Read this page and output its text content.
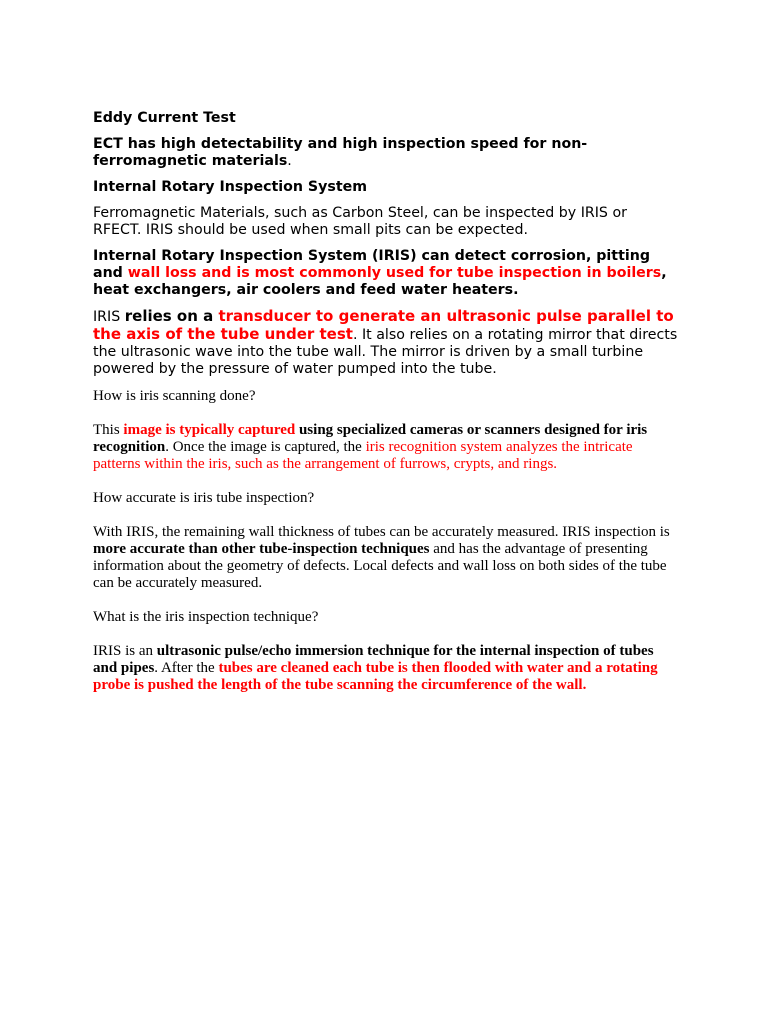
Eddy Current Test

ECT has high detectability and high inspection speed for non-ferromagnetic materials.

Internal Rotary Inspection System

Ferromagnetic Materials, such as Carbon Steel, can be inspected by IRIS or RFECT. IRIS should be used when small pits can be expected.

Internal Rotary Inspection System (IRIS) can detect corrosion, pitting and wall loss and is most commonly used for tube inspection in boilers, heat exchangers, air coolers and feed water heaters.

IRIS relies on a transducer to generate an ultrasonic pulse parallel to the axis of the tube under test. It also relies on a rotating mirror that directs the ultrasonic wave into the tube wall. The mirror is driven by a small turbine powered by the pressure of water pumped into the tube.

How is iris scanning done?

This image is typically captured using specialized cameras or scanners designed for iris recognition. Once the image is captured, the iris recognition system analyzes the intricate patterns within the iris, such as the arrangement of furrows, crypts, and rings.

How accurate is iris tube inspection?

With IRIS, the remaining wall thickness of tubes can be accurately measured. IRIS inspection is more accurate than other tube-inspection techniques and has the advantage of presenting information about the geometry of defects. Local defects and wall loss on both sides of the tube can be accurately measured.

What is the iris inspection technique?

IRIS is an ultrasonic pulse/echo immersion technique for the internal inspection of tubes and pipes. After the tubes are cleaned each tube is then flooded with water and a rotating probe is pushed the length of the tube scanning the circumference of the wall.
